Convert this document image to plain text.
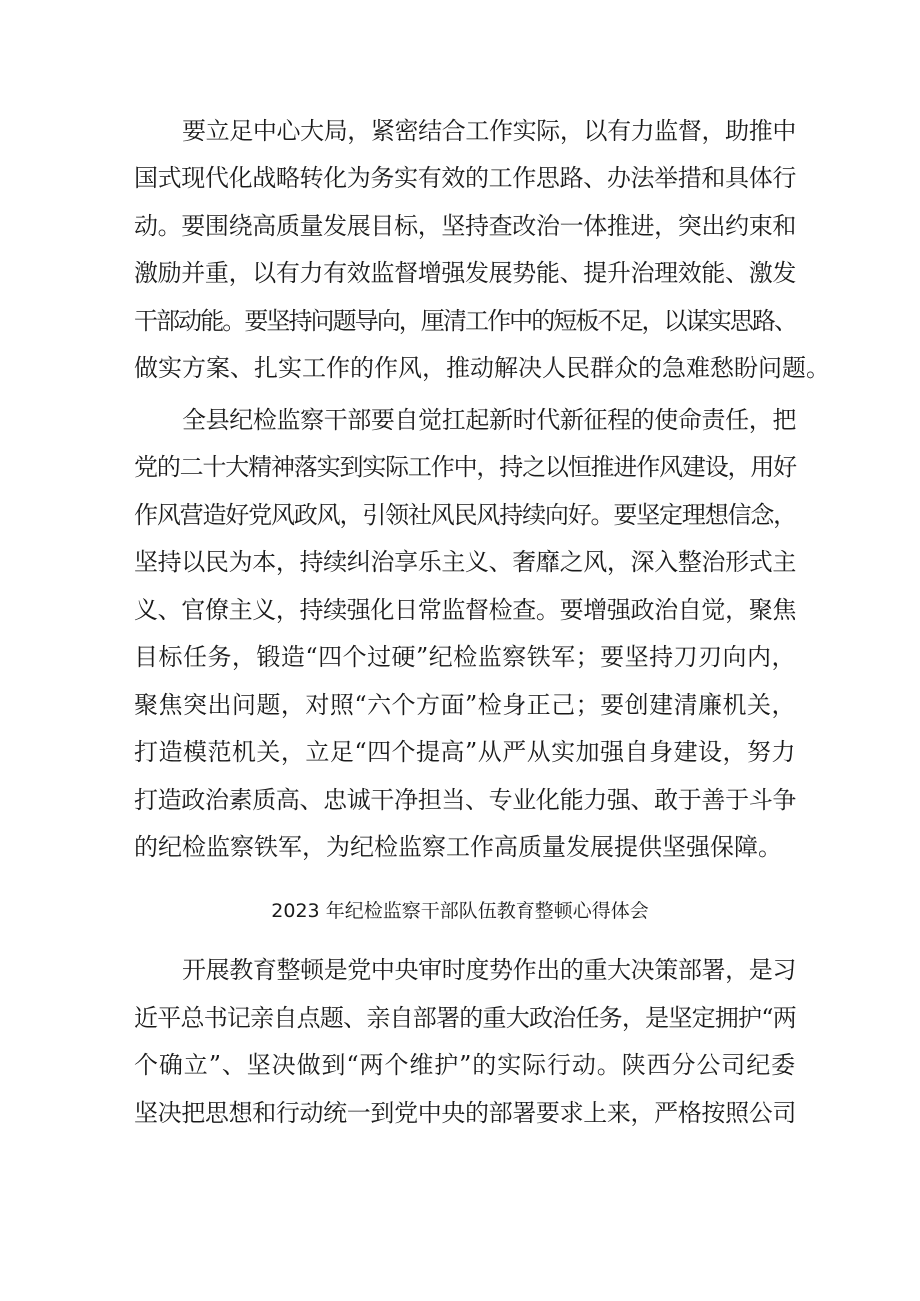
要立足中心大局，紧密结合工作实际，以有力监督，助推中
国式现代化战略转化为务实有效的工作思路、办法举措和具体行
动。要围绕高质量发展目标，坚持查改治一体推进，突出约束和
激励并重，以有力有效监督增强发展势能、提升治理效能、激发
干部动能。要坚持问题导向，厘清工作中的短板不足，以谋实思路、
做实方案、扎实工作的作风，推动解决人民群众的急难愁盼问题。
全县纪检监察干部要自觉扛起新时代新征程的使命责任，把
党的二十大精神落实到实际工作中，持之以恒推进作风建设，用好
作风营造好党风政风，引领社风民风持续向好。要坚定理想信念，
坚持以民为本，持续纠治享乐主义、奢靡之风，深入整治形式主
义、官僚主义，持续强化日常监督检查。要增强政治自觉，聚焦
目标任务，锻造“四个过硬”纪检监察铁军；要坚持刀刃向内，
聚焦突出问题，对照“六个方面”检身正己；要创建清廉机关，
打造模范机关，立足“四个提高”从严从实加强自身建设，努力
打造政治素质高、忠诚干净担当、专业化能力强、敢于善于斗争
的纪检监察铁军，为纪检监察工作高质量发展提供坚强保障。
2023 年纪检监察干部队伍教育整顿心得体会
开展教育整顿是党中央审时度势作出的重大决策部署，是习
近平总书记亲自点题、亲自部署的重大政治任务，是坚定拥护“两
个确立”、坚决做到“两个维护”的实际行动。陕西分公司纪委
坚决把思想和行动统一到党中央的部署要求上来，严格按照公司
